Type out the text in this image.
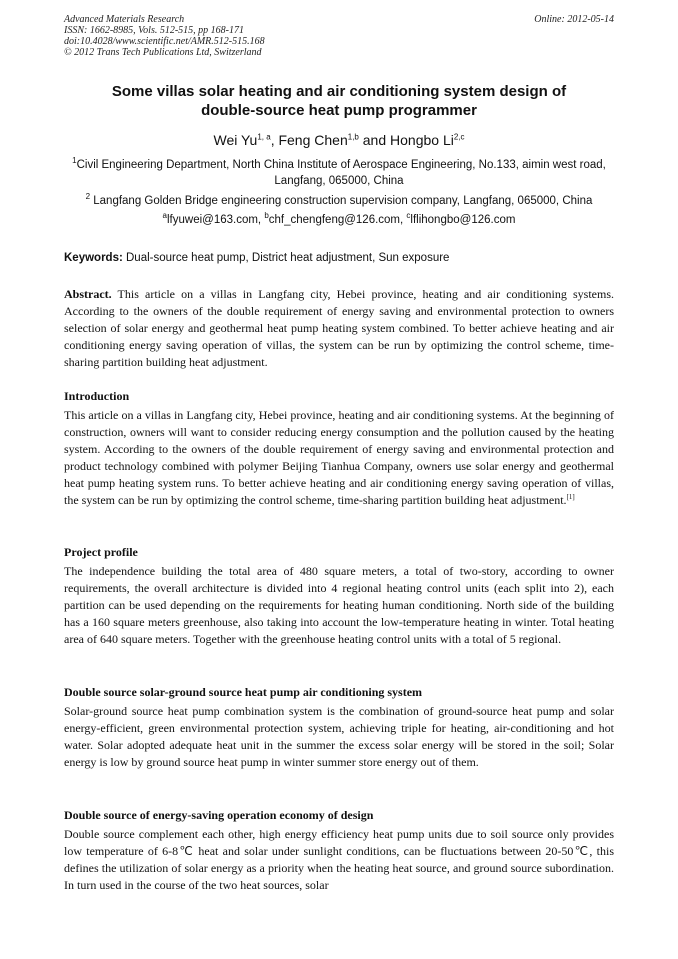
Advanced Materials Research
ISSN: 1662-8985, Vols. 512-515, pp 168-171
doi:10.4028/www.scientific.net/AMR.512-515.168
© 2012 Trans Tech Publications Ltd, Switzerland
Online: 2012-05-14
Some villas solar heating and air conditioning system design of
double-source heat pump programmer
Wei Yu$^{1, a}$, Feng Chen$^{1,b}$ and Hongbo Li$^{2,c}$
$^1$Civil Engineering Department, North China Institute of Aerospace Engineering, No.133, aimin west road, Langfang, 065000, China
$^2$ Langfang Golden Bridge engineering construction supervision company, Langfang, 065000, China
$^a$lfyuwei@163.com, $^b$chf_chengfeng@126.com, $^c$lflihongbo@126.com
Keywords: Dual-source heat pump, District heat adjustment, Sun exposure
Abstract. This article on a villas in Langfang city, Hebei province, heating and air conditioning systems. According to the owners of the double requirement of energy saving and environmental protection to owners selection of solar energy and geothermal heat pump heating system combined. To better achieve heating and air conditioning energy saving operation of villas, the system can be run by optimizing the control scheme, time-sharing partition building heat adjustment.
Introduction
This article on a villas in Langfang city, Hebei province, heating and air conditioning systems. At the beginning of construction, owners will want to consider reducing energy consumption and the pollution caused by the heating system. According to the owners of the double requirement of energy saving and environmental protection and product technology combined with polymer Beijing Tianhua Company, owners use solar energy and geothermal heat pump heating system runs. To better achieve heating and air conditioning energy saving operation of villas, the system can be run by optimizing the control scheme, time-sharing partition building heat adjustment.[1]
Project profile
The independence building the total area of 480 square meters, a total of two-story, according to owner requirements, the overall architecture is divided into 4 regional heating control units (each split into 2), each partition can be used depending on the requirements for heating human conditioning. North side of the building has a 160 square meters greenhouse, also taking into account the low-temperature heating in winter. Total heating area of 640 square meters. Together with the greenhouse heating control units with a total of 5 regional.
Double source solar-ground source heat pump air conditioning system
Solar-ground source heat pump combination system is the combination of ground-source heat pump and solar energy-efficient, green environmental protection system, achieving triple for heating, air-conditioning and hot water. Solar adopted adequate heat unit in the summer the excess solar energy will be stored in the soil; Solar energy is low by ground source heat pump in winter summer store energy out of them.
Double source of energy-saving operation economy of design
Double source complement each other, high energy efficiency heat pump units due to soil source only provides low temperature of 6-8℃ heat and solar under sunlight conditions, can be fluctuations between 20-50℃, this defines the utilization of solar energy as a priority when the heating heat source, and ground source subordination. In turn used in the course of the two heat sources, solar
